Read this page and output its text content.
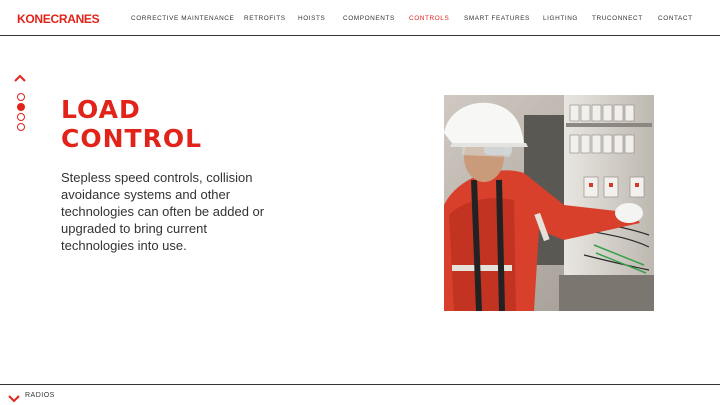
KONECRANES	CORRECTIVE MAINTENANCE RETROFITS HOISTS	COMPONENTS CONTROLS SMART FEATURES LIGHTING TRUCONNECT CONTACT
LOAD
CONTROL

Stepless speed controls, collision avoidance systems and other technologies can often be added or upgraded to bring current technologies into use.

RADIOS
